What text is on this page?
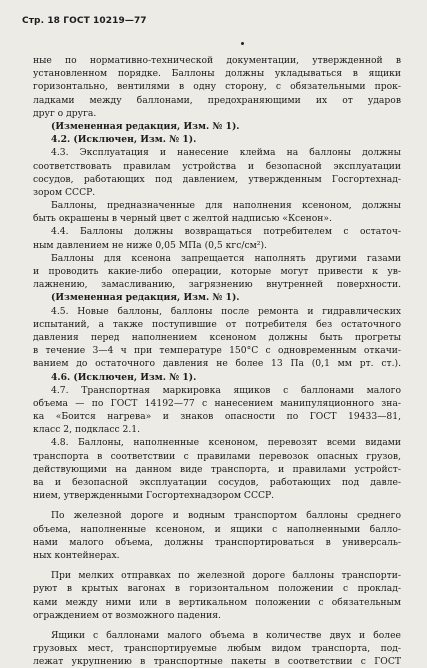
Стр. 18 ГОСТ 10219—77
ные по нормативно-технической документации, утвержденной в
установленном порядке. Баллоны должны укладываться в ящики
горизонтально, вентилями в одну сторону, с обязательными прок-
ладками между баллонами, предохраняющими их от ударов
друг о друга.
(Измененная редакция, Изм. № 1).
4.2. (Исключен, Изм. № 1).
4.3. Эксплуатация и нанесение клейма на баллоны должны
соответствовать правилам устройства и безопасной эксплуатации
сосудов, работающих под давлением, утвержденным Госгортехнад-
зором СССР.
Баллоны, предназначенные для наполнения ксеноном, должны
быть окрашены в черный цвет с желтой надписью «Ксенон».
4.4. Баллоны должны возвращаться потребителем с остаточ-
ным давлением не ниже 0,05 МПа (0,5 кгс/см²).
Баллоны для ксенона запрещается наполнять другими газами
и проводить какие-либо операции, которые могут привести к ув-
лажнению, замасливанию, загрязнению внутренней поверхности.
(Измененная редакция, Изм. № 1).
4.5. Новые баллоны, баллоны после ремонта и гидравлических
испытаний, а также поступившие от потребителя без остаточного
давления перед наполнением ксеноном должны быть прогреты
в течение 3—4 ч при температуре 150°С с одновременным откачи-
ванием до остаточного давления не более 13 Па (0,1 мм рт. ст.).
4.6. (Исключен, Изм. № 1).
4.7. Транспортная маркировка ящиков с баллонами малого
объема — по ГОСТ 14192—77 с нанесением манипуляционного зна-
ка «Боится нагрева» и знаков опасности по ГОСТ 19433—81,
класс 2, подкласс 2.1.
4.8. Баллоны, наполненные ксеноном, перевозят всеми видами
транспорта в соответствии с правилами перевозок опасных грузов,
действующими на данном виде транспорта, и правилами устройст-
ва и безопасной эксплуатации сосудов, работающих под давле-
нием, утвержденными Госгортехнадзором СССР.
По железной дороге и водным транспортом баллоны среднего
объема, наполненные ксеноном, и ящики с наполненными балло-
нами малого объема, должны транспортироваться в универсаль-
ных контейнерах.
При мелких отправках по железной дороге баллоны транспорти-
руют в крытых вагонах в горизонтальном положении с проклад-
ками между ними или в вертикальном положении с обязательным
ограждением от возможного падения.
Ящики с баллонами малого объема в количестве двух и более
грузовых мест, транспортируемые любым видом транспорта, под-
лежат укрупнению в транспортные пакеты в соответствии с ГОСТ
